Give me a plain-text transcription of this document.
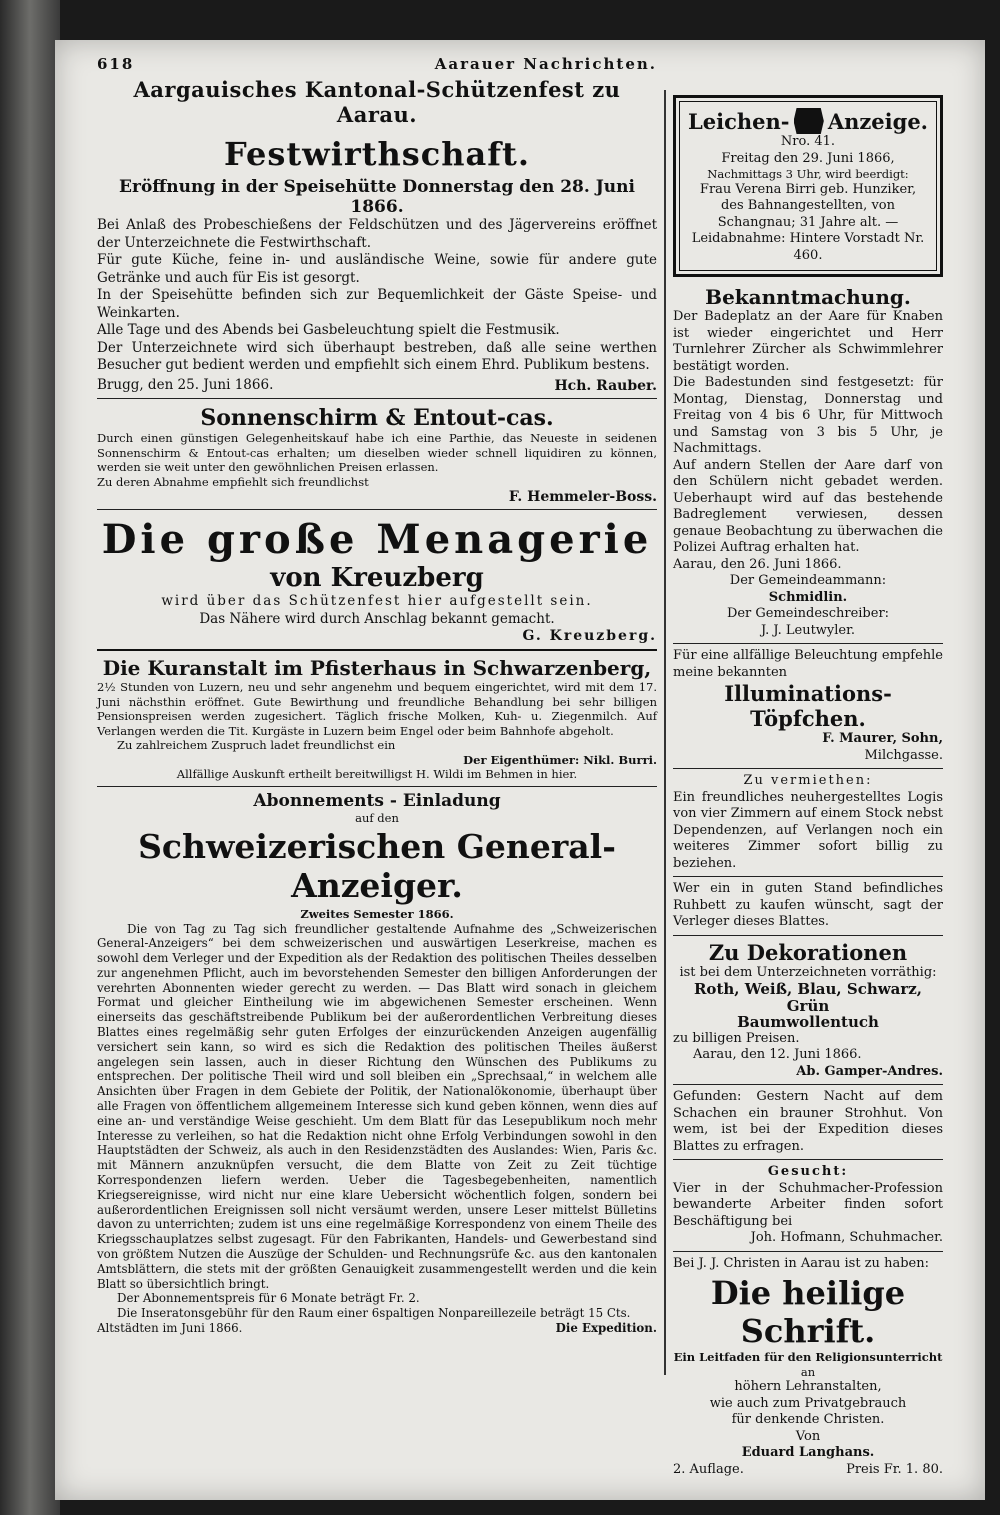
618	Aarauer Nachrichten.

Aargauisches Kantonal-Schützenfest zu Aarau.

Festwirthschaft.

Eröffnung in der Speisehütte Donnerstag den 28. Juni 1866.

Bei Anlaß des Probeschießens der Feldschützen und des Jägervereins eröffnet der Unterzeichnete die Festwirthschaft.

Für gute Küche, feine in- und ausländische Weine, sowie für andere gute Getränke und auch für Eis ist gesorgt.

In der Speisehütte befinden sich zur Bequemlichkeit der Gäste Speise- und Weinkarten.

Alle Tage und des Abends bei Gasbeleuchtung spielt die Festmusik.

Der Unterzeichnete wird sich überhaupt bestreben, daß alle seine werthen Besucher gut bedient werden und empfiehlt sich einem Ehrd. Publikum bestens.

Brugg, den 25. Juni 1866.	Hch. Rauber.

Sonnenschirm & Entout-cas.

Durch einen günstigen Gelegenheitskauf habe ich eine Parthie, das Neueste in seidenen Sonnenschirm & Entout-cas erhalten; um dieselben wieder schnell liquidiren zu können, werden sie weit unter den gewöhnlichen Preisen erlassen.

Zu deren Abnahme empfiehlt sich freundlichst

F. Hemmeler-Boss.

Die große Menagerie

von Kreuzberg

wird über das Schützenfest hier aufgestellt sein.

Das Nähere wird durch Anschlag bekannt gemacht.

G. Kreuzberg.

Die Kuranstalt im Pfisterhaus in Schwarzenberg,

2½ Stunden von Luzern, neu und sehr angenehm und bequem eingerichtet, wird mit dem 17. Juni nächsthin eröffnet. Gute Bewirthung und freundliche Behandlung bei sehr billigen Pensionspreisen werden zugesichert. Täglich frische Molken, Kuh- u. Ziegenmilch. Auf Verlangen werden die Tit. Kurgäste in Luzern beim Engel oder beim Bahnhofe abgeholt.

Zu zahlreichem Zuspruch ladet freundlichst ein

Der Eigenthümer: Nikl. Burri.

Allfällige Auskunft ertheilt bereitwilligst H. Wildi im Behmen in hier.

Abonnements - Einladung

auf den

Schweizerischen General-Anzeiger.

Zweites Semester 1866.

Die von Tag zu Tag sich freundlicher gestaltende Aufnahme des „Schweizerischen General-Anzeigers“ bei dem schweizerischen und auswärtigen Leserkreise, machen es sowohl dem Verleger und der Expedition als der Redaktion des politischen Theiles desselben zur angenehmen Pflicht, auch im bevorstehenden Semester den billigen Anforderungen der verehrten Abonnenten wieder gerecht zu werden. — Das Blatt wird sonach in gleichem Format und gleicher Eintheilung wie im abgewichenen Semester erscheinen. Wenn einerseits das geschäftstreibende Publikum bei der außerordentlichen Verbreitung dieses Blattes eines regelmäßig sehr guten Erfolges der einzurückenden Anzeigen augenfällig versichert sein kann, so wird es sich die Redaktion des politischen Theiles äußerst angelegen sein lassen, auch in dieser Richtung den Wünschen des Publikums zu entsprechen. Der politische Theil wird und soll bleiben ein „Sprechsaal,“ in welchem alle Ansichten über Fragen in dem Gebiete der Politik, der Nationalökonomie, überhaupt über alle Fragen von öffentlichem allgemeinem Interesse sich kund geben können, wenn dies auf eine an- und verständige Weise geschieht. Um dem Blatt für das Lesepublikum noch mehr Interesse zu verleihen, so hat die Redaktion nicht ohne Erfolg Verbindungen sowohl in den Hauptstädten der Schweiz, als auch in den Residenzstädten des Auslandes: Wien, Paris &c. mit Männern anzuknüpfen versucht, die dem Blatte von Zeit zu Zeit tüchtige Korrespondenzen liefern werden. Ueber die Tagesbegebenheiten, namentlich Kriegsereignisse, wird nicht nur eine klare Uebersicht wöchentlich folgen, sondern bei außerordentlichen Ereignissen soll nicht versäumt werden, unsere Leser mittelst Bülletins davon zu unterrichten; zudem ist uns eine regelmäßige Korrespondenz von einem Theile des Kriegsschauplatzes selbst zugesagt. Für den Fabrikanten, Handels- und Gewerbestand sind von größtem Nutzen die Auszüge der Schulden- und Rechnungsrüfe &c. aus den kantonalen Amtsblättern, die stets mit der größten Genauigkeit zusammengestellt werden und die kein Blatt so übersichtlich bringt.

Der Abonnementspreis für 6 Monate beträgt Fr. 2.

Die Inseratonsgebühr für den Raum einer 6spaltigen Nonpareillezeile beträgt 15 Cts.

Altstädten im Juni 1866.	Die Expedition.
Leichen- Anzeige.

Nro. 41.

Freitag den 29. Juni 1866,

Nachmittags 3 Uhr, wird beerdigt:

Frau Verena Birri geb. Hunziker, des Bahnangestellten, von Schangnau; 31 Jahre alt. — Leidabnahme: Hintere Vorstadt Nr. 460.

Bekanntmachung.

Der Badeplatz an der Aare für Knaben ist wieder eingerichtet und Herr Turnlehrer Zürcher als Schwimmlehrer bestätigt worden.

Die Badestunden sind festgesetzt: für Montag, Dienstag, Donnerstag und Freitag von 4 bis 6 Uhr, für Mittwoch und Samstag von 3 bis 5 Uhr, je Nachmittags.

Auf andern Stellen der Aare darf von den Schülern nicht gebadet werden. Ueberhaupt wird auf das bestehende Badreglement verwiesen, dessen genaue Beobachtung zu überwachen die Polizei Auftrag erhalten hat.

Aarau, den 26. Juni 1866.

Der Gemeindeammann:

Schmidlin.

Der Gemeindeschreiber:

J. J. Leutwyler.

Für eine allfällige Beleuchtung empfehle meine bekannten

Illuminations-Töpfchen.

F. Maurer, Sohn,

Milchgasse.

Zu vermiethen:

Ein freundliches neuhergestelltes Logis von vier Zimmern auf einem Stock nebst Dependenzen, auf Verlangen noch ein weiteres Zimmer sofort billig zu beziehen.

Wer ein in guten Stand befindliches Ruhbett zu kaufen wünscht, sagt der Verleger dieses Blattes.

Zu Dekorationen

ist bei dem Unterzeichneten vorräthig:

Roth, Weiß, Blau, Schwarz, Grün

Baumwollentuch

zu billigen Preisen.

Aarau, den 12. Juni 1866.

Ab. Gamper-Andres.

Gefunden: Gestern Nacht auf dem Schachen ein brauner Strohhut. Von wem, ist bei der Expedition dieses Blattes zu erfragen.

Gesucht:

Vier in der Schuhmacher-Profession bewanderte Arbeiter finden sofort Beschäftigung bei

Joh. Hofmann, Schuhmacher.

Bei J. J. Christen in Aarau ist zu haben:

Die heilige Schrift.

Ein Leitfaden für den Religionsunterricht

an

höhern Lehranstalten,

wie auch zum Privatgebrauch

für denkende Christen.

Von

Eduard Langhans.

2. Auflage.	Preis Fr. 1. 80.
